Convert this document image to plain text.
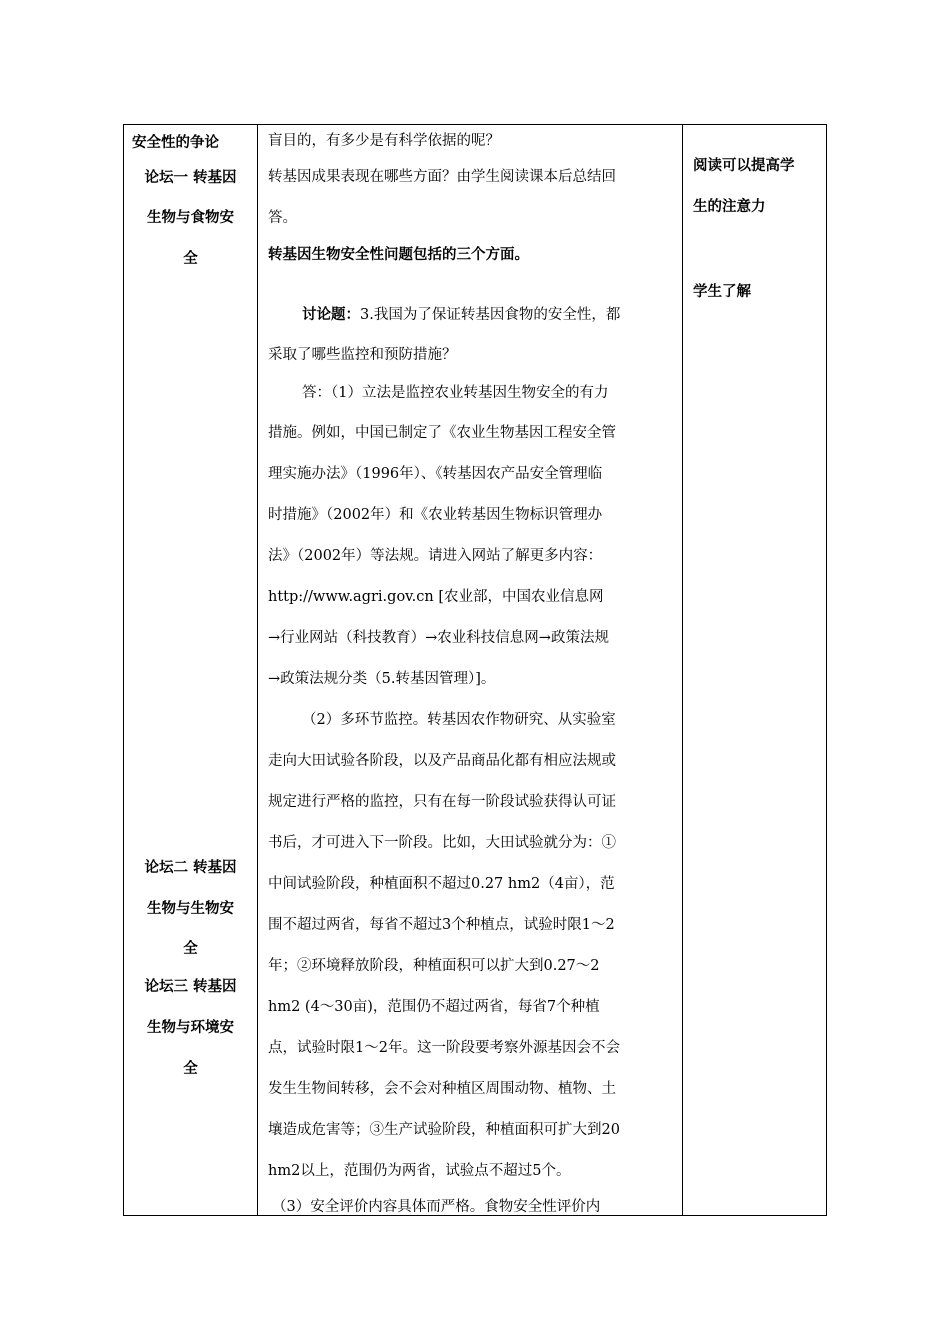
安全性的争论
论坛一 转基因
生物与食物安
全
论坛二 转基因
生物与生物安
全
论坛三 转基因
生物与环境安
全
盲目的，有多少是有科学依据的呢？
转基因成果表现在哪些方面？由学生阅读课本后总结回
答。
转基因生物安全性问题包括的三个方面。
讨论题：3.我国为了保证转基因食物的安全性，都
采取了哪些监控和预防措施？
答：（1）立法是监控农业转基因生物安全的有力
措施。例如，中国已制定了《农业生物基因工程安全管
理实施办法》（1996年）、《转基因农产品安全管理临
时措施》（2002年）和《农业转基因生物标识管理办
法》（2002年）等法规。请进入网站了解更多内容：
http://www.agri.gov.cn [农业部，中国农业信息网
→行业网站（科技教育）→农业科技信息网→政策法规
→政策法规分类（5.转基因管理）]。
（2）多环节监控。转基因农作物研究、从实验室
走向大田试验各阶段，以及产品商品化都有相应法规或
规定进行严格的监控，只有在每一阶段试验获得认可证
书后，才可进入下一阶段。比如，大田试验就分为：①
中间试验阶段，种植面积不超过0.27 hm2（4亩），范
围不超过两省，每省不超过3个种植点，试验时限1～2
年；②环境释放阶段，种植面积可以扩大到0.27～2
hm2 (4～30亩)，范围仍不超过两省，每省7个种植
点，试验时限1～2年。这一阶段要考察外源基因会不会
发生生物间转移，会不会对种植区周围动物、植物、土
壤造成危害等；③生产试验阶段，种植面积可扩大到20
hm2以上，范围仍为两省，试验点不超过5个。
（3）安全评价内容具体而严格。食物安全性评价内
阅读可以提高学
生的注意力
学生了解
